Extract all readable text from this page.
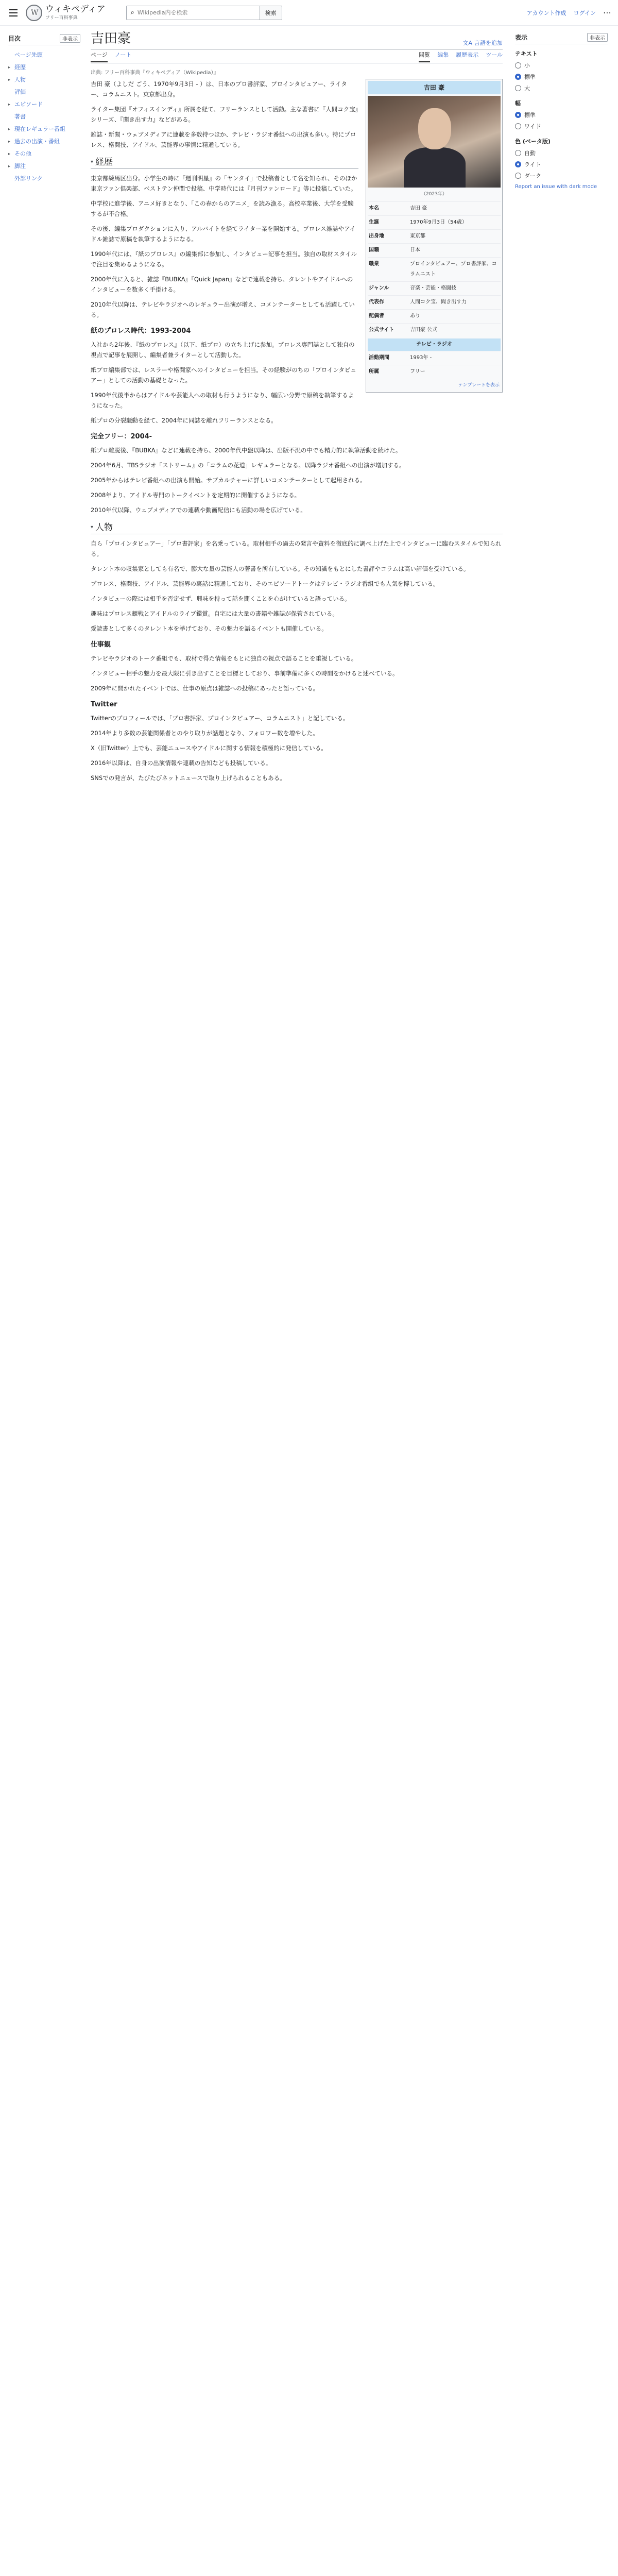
W
ウィキペディア
フリー百科事典
⌕
Wikipedia内を検索	検索	アカウント作成 ログイン ⋯
目次	非表示
ページ先頭
▸ 経歴
▸ 人物
評価
▸ エピソード
著書
▸ 現在レギュラー番組
▸ 過去の出演・番組
▸ その他
▸ 脚注
外部リンク
吉田豪	文A 言語を追加
ページ ノート	閲覧 編集 履歴表示 ツール
出典: フリー百科事典『ウィキペディア（Wikipedia）』
吉田 豪
（2023年）
本名	吉田 豪
生誕	1970年9月3日（54歳）
出身地	東京都
国籍	日本
職業	プロインタビュアー、プロ書評家、コラムニスト
ジャンル	音楽・芸能・格闘技
代表作	人間コク宝、聞き出す力
配偶者	あり
公式サイト	吉田豪 公式
テレビ・ラジオ
活動期間	1993年 -
所属	フリー
テンプレートを表示

吉田 豪（よしだ ごう、1970年9月3日 - ）は、日本のプロ書評家、プロインタビュアー、ライター、コラムニスト。東京都出身。

ライター集団『オフィスインディ』所属を経て、フリーランスとして活動。主な著書に『人間コク宝』シリーズ、『聞き出す力』などがある。

雑誌・新聞・ウェブメディアに連載を多数持つほか、テレビ・ラジオ番組への出演も多い。特にプロレス、格闘技、アイドル、芸能界の事情に精通している。

▾ 経歴

東京都練馬区出身。小学生の時に『週刊明星』の「ヤンタイ」で投稿者として名を知られ、そのほか東京ファン倶楽部、ベストテン仲間で投稿、中学時代には『月刊ファンロード』等に投稿していた。

中学校に進学後、アニメ好きとなり、「この春からのアニメ」を読み漁る。高校卒業後、大学を受験するが不合格。

その後、編集プロダクションに入り、アルバイトを経てライター業を開始する。プロレス雑誌やアイドル雑誌で原稿を執筆するようになる。

1990年代には、『紙のプロレス』の編集部に参加し、インタビュー記事を担当。独自の取材スタイルで注目を集めるようになる。

2000年代に入ると、雑誌『BUBKA』『Quick Japan』などで連載を持ち、タレントやアイドルへのインタビューを数多く手掛ける。

2010年代以降は、テレビやラジオへのレギュラー出演が増え、コメンテーターとしても活躍している。

紙のプロレス時代：1993-2004

入社から2年後、『紙のプロレス』（以下、紙プロ）の立ち上げに参加。プロレス専門誌として独自の視点で記事を展開し、編集者兼ライターとして活動した。

紙プロ編集部では、レスラーや格闘家へのインタビューを担当。その経験がのちの「プロインタビュアー」としての活動の基礎となった。

1990年代後半からはアイドルや芸能人への取材も行うようになり、幅広い分野で原稿を執筆するようになった。

紙プロの分裂騒動を経て、2004年に同誌を離れフリーランスとなる。

完全フリー：2004-

紙プロ離脱後、『BUBKA』などに連載を持ち、2000年代中盤以降は、出版不況の中でも精力的に執筆活動を続けた。

2004年6月、TBSラジオ『ストリーム』の「コラムの花道」レギュラーとなる。以降ラジオ番組への出演が増加する。

2005年からはテレビ番組への出演も開始。サブカルチャーに詳しいコメンテーターとして起用される。

2008年より、アイドル専門のトークイベントを定期的に開催するようになる。

2010年代以降、ウェブメディアでの連載や動画配信にも活動の場を広げている。

▾ 人物

自ら「プロインタビュアー」「プロ書評家」を名乗っている。取材相手の過去の発言や資料を徹底的に調べ上げた上でインタビューに臨むスタイルで知られる。

タレント本の収集家としても有名で、膨大な量の芸能人の著書を所有している。その知識をもとにした書評やコラムは高い評価を受けている。

プロレス、格闘技、アイドル、芸能界の裏話に精通しており、そのエピソードトークはテレビ・ラジオ番組でも人気を博している。

インタビューの際には相手を否定せず、興味を持って話を聞くことを心がけていると語っている。

趣味はプロレス観戦とアイドルのライブ鑑賞。自宅には大量の書籍や雑誌が保管されている。

愛読書として多くのタレント本を挙げており、その魅力を語るイベントも開催している。

仕事観

テレビやラジオのトーク番組でも、取材で得た情報をもとに独自の視点で語ることを重視している。

インタビュー相手の魅力を最大限に引き出すことを目標としており、事前準備に多くの時間をかけると述べている。

2009年に開かれたイベントでは、仕事の原点は雑誌への投稿にあったと語っている。

Twitter

Twitterのプロフィールでは、「プロ書評家、プロインタビュアー、コラムニスト」と記している。

2014年より多数の芸能関係者とのやり取りが話題となり、フォロワー数を増やした。

X（旧Twitter）上でも、芸能ニュースやアイドルに関する情報を積極的に発信している。

2016年以降は、自身の出演情報や連載の告知なども投稿している。

SNSでの発言が、たびたびネットニュースで取り上げられることもある。

表示	非表示
テキスト
小
標準
大
幅
標準
ワイド
色 (ベータ版)
自動
ライト
ダーク
Report an issue with dark mode
